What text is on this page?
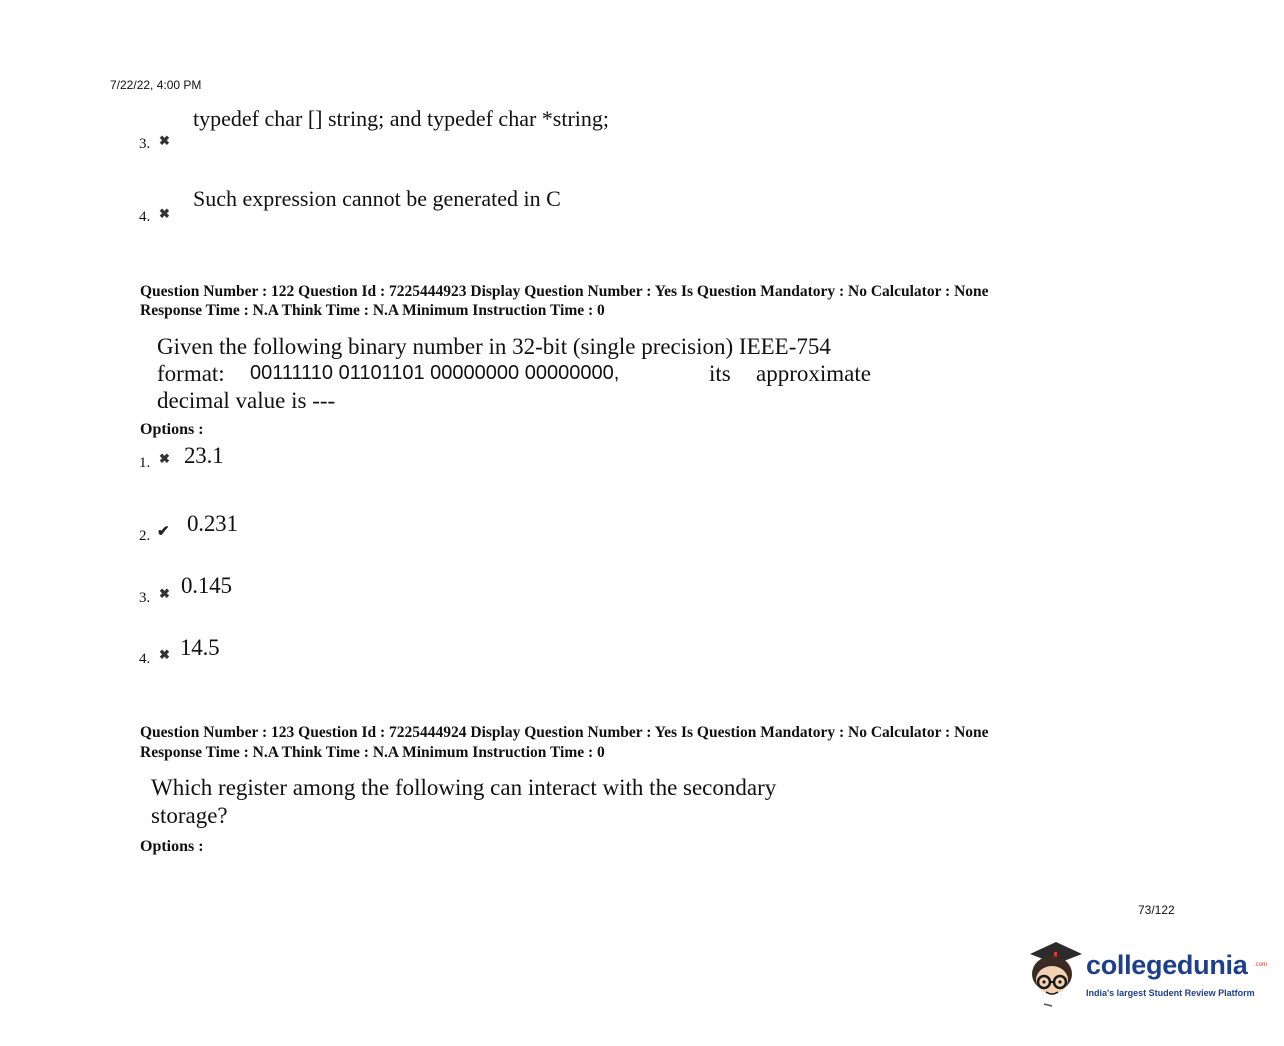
7/22/22, 4:00 PM
typedef char [] string; and typedef char *string;
3. ✖
Such expression cannot be generated in C
4. ✖
Question Number : 122 Question Id : 7225444923 Display Question Number : Yes Is Question Mandatory : No Calculator : None
Response Time : N.A Think Time : N.A Minimum Instruction Time : 0
Given the following binary number in 32-bit (single precision) IEEE-754
format: 00111110 01101101 00000000 00000000,	its approximate
decimal value is ---
Options :
1. ✖ 23.1
2. ✔ 0.231
3. ✖ 0.145
4. ✖ 14.5
Question Number : 123 Question Id : 7225444924 Display Question Number : Yes Is Question Mandatory : No Calculator : None
Response Time : N.A Think Time : N.A Minimum Instruction Time : 0
Which register among the following can interact with the secondary
storage?
Options :
73/122
collegedunia .com
India's largest Student Review Platform
